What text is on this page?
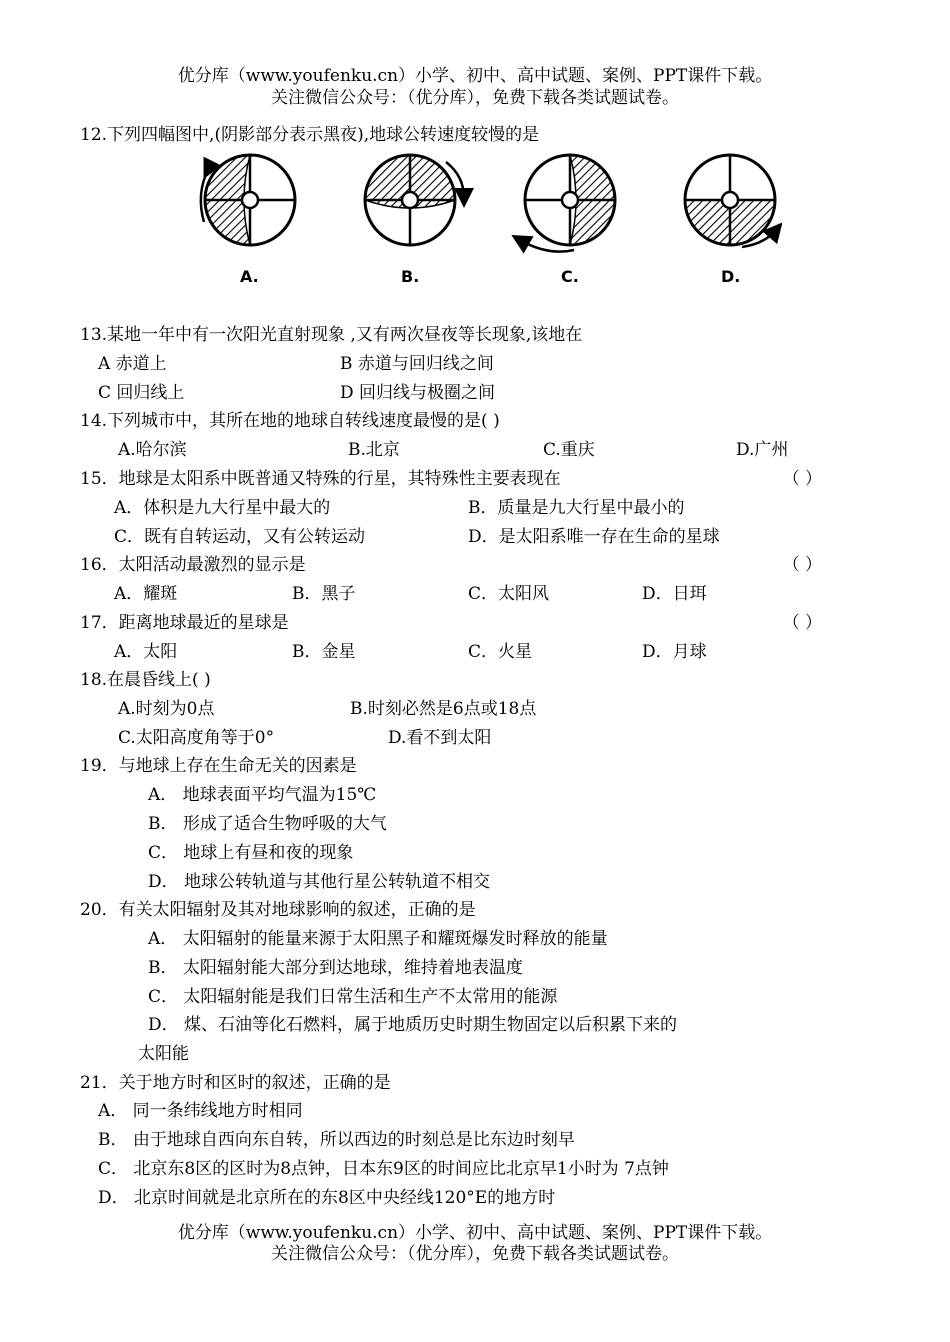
优分库（www.youfenku.cn）小学、初中、高中试题、案例、PPT课件下载。
关注微信公众号：（优分库），免费下载各类试题试卷。
12.下列四幅图中,(阴影部分表示黑夜),地球公转速度较慢的是
A.	B.	C.	D.
13.某地一年中有一次阳光直射现象 ,又有两次昼夜等长现象,该地在
A 赤道上	B 赤道与回归线之间
C 回归线上	D 回归线与极圈之间
14.下列城市中，其所在地的地球自转线速度最慢的是( )
A.哈尔滨	B.北京	C.重庆	D.广州
15．地球是太阳系中既普通又特殊的行星，其特殊性主要表现在	（ ）
A．体积是九大行星中最大的	B．质量是九大行星中最小的
C．既有自转运动，又有公转运动	D．是太阳系唯一存在生命的星球
16．太阳活动最激烈的显示是	（ ）
A．耀斑	B．黑子	C．太阳风	D．日珥
17．距离地球最近的星球是	（ ）
A．太阳	B．金星	C．火星	D．月球
18.在晨昏线上( )
A.时刻为0点	B.时刻必然是6点或18点
C.太阳高度角等于0°	D.看不到太阳
19．与地球上存在生命无关的因素是
A． 地球表面平均气温为15℃
B． 形成了适合生物呼吸的大气
C． 地球上有昼和夜的现象
D． 地球公转轨道与其他行星公转轨道不相交
20．有关太阳辐射及其对地球影响的叙述，正确的是
A． 太阳辐射的能量来源于太阳黑子和耀斑爆发时释放的能量
B． 太阳辐射能大部分到达地球，维持着地表温度
C． 太阳辐射能是我们日常生活和生产不太常用的能源
D． 煤、石油等化石燃料，属于地质历史时期生物固定以后积累下来的
太阳能
21．关于地方时和区时的叙述，正确的是
A． 同一条纬线地方时相同
B． 由于地球自西向东自转，所以西边的时刻总是比东边时刻早
C． 北京东8区的区时为8点钟，日本东9区的时间应比北京早1小时为 7点钟
D． 北京时间就是北京所在的东8区中央经线120°E的地方时
优分库（www.youfenku.cn）小学、初中、高中试题、案例、PPT课件下载。
关注微信公众号：（优分库），免费下载各类试题试卷。
